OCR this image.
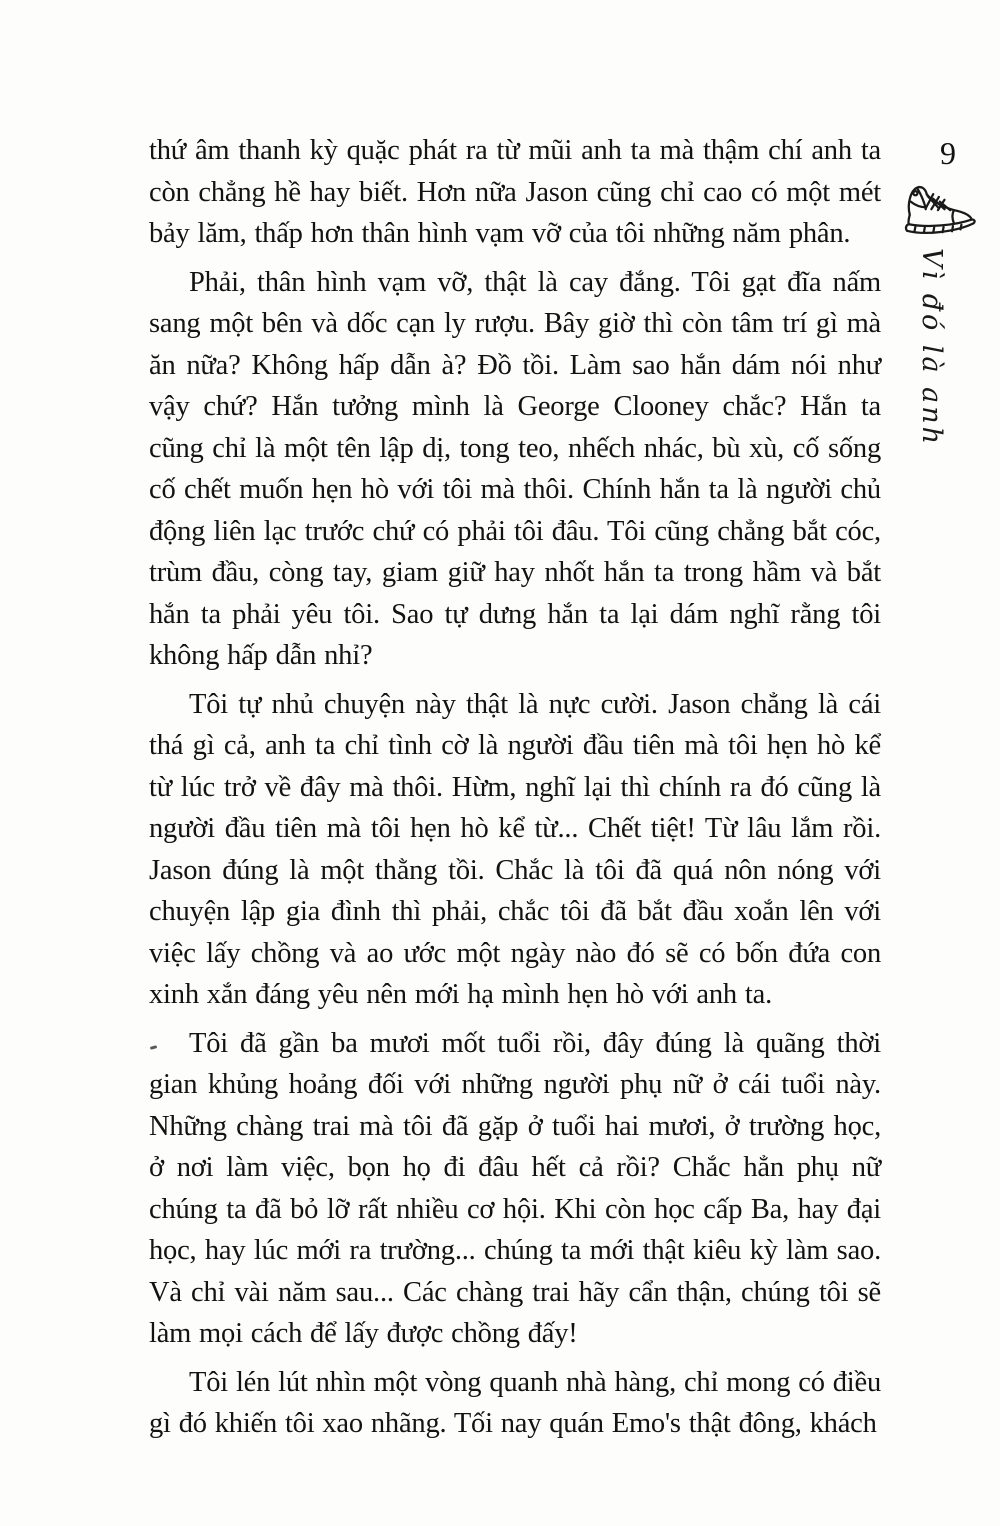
thứ âm thanh kỳ quặc phát ra từ mũi anh ta mà thậm chí anh ta còn chẳng hề hay biết. Hơn nữa Jason cũng chỉ cao có một mét bảy lăm, thấp hơn thân hình vạm vỡ của tôi những năm phân.

Phải, thân hình vạm vỡ, thật là cay đắng. Tôi gạt đĩa nấm sang một bên và dốc cạn ly rượu. Bây giờ thì còn tâm trí gì mà ăn nữa? Không hấp dẫn à? Đồ tồi. Làm sao hắn dám nói như vậy chứ? Hắn tưởng mình là George Clooney chắc? Hắn ta cũng chỉ là một tên lập dị, tong teo, nhếch nhác, bù xù, cố sống cố chết muốn hẹn hò với tôi mà thôi. Chính hắn ta là người chủ động liên lạc trước chứ có phải tôi đâu. Tôi cũng chẳng bắt cóc, trùm đầu, còng tay, giam giữ hay nhốt hắn ta trong hầm và bắt hắn ta phải yêu tôi. Sao tự dưng hắn ta lại dám nghĩ rằng tôi không hấp dẫn nhỉ?

Tôi tự nhủ chuyện này thật là nực cười. Jason chẳng là cái thá gì cả, anh ta chỉ tình cờ là người đầu tiên mà tôi hẹn hò kể từ lúc trở về đây mà thôi. Hừm, nghĩ lại thì chính ra đó cũng là người đầu tiên mà tôi hẹn hò kể từ... Chết tiệt! Từ lâu lắm rồi. Jason đúng là một thằng tồi. Chắc là tôi đã quá nôn nóng với chuyện lập gia đình thì phải, chắc tôi đã bắt đầu xoắn lên với việc lấy chồng và ao ước một ngày nào đó sẽ có bốn đứa con xinh xắn đáng yêu nên mới hạ mình hẹn hò với anh ta.

Tôi đã gần ba mươi mốt tuổi rồi, đây đúng là quãng thời gian khủng hoảng đối với những người phụ nữ ở cái tuổi này. Những chàng trai mà tôi đã gặp ở tuổi hai mươi, ở trường học, ở nơi làm việc, bọn họ đi đâu hết cả rồi? Chắc hẳn phụ nữ chúng ta đã bỏ lỡ rất nhiều cơ hội. Khi còn học cấp Ba, hay đại học, hay lúc mới ra trường... chúng ta mới thật kiêu kỳ làm sao. Và chỉ vài năm sau... Các chàng trai hãy cẩn thận, chúng tôi sẽ làm mọi cách để lấy được chồng đấy!

Tôi lén lút nhìn một vòng quanh nhà hàng, chỉ mong có điều gì đó khiến tôi xao nhãng. Tối nay quán Emo's thật đông, khách

9
Vì đó là anh
